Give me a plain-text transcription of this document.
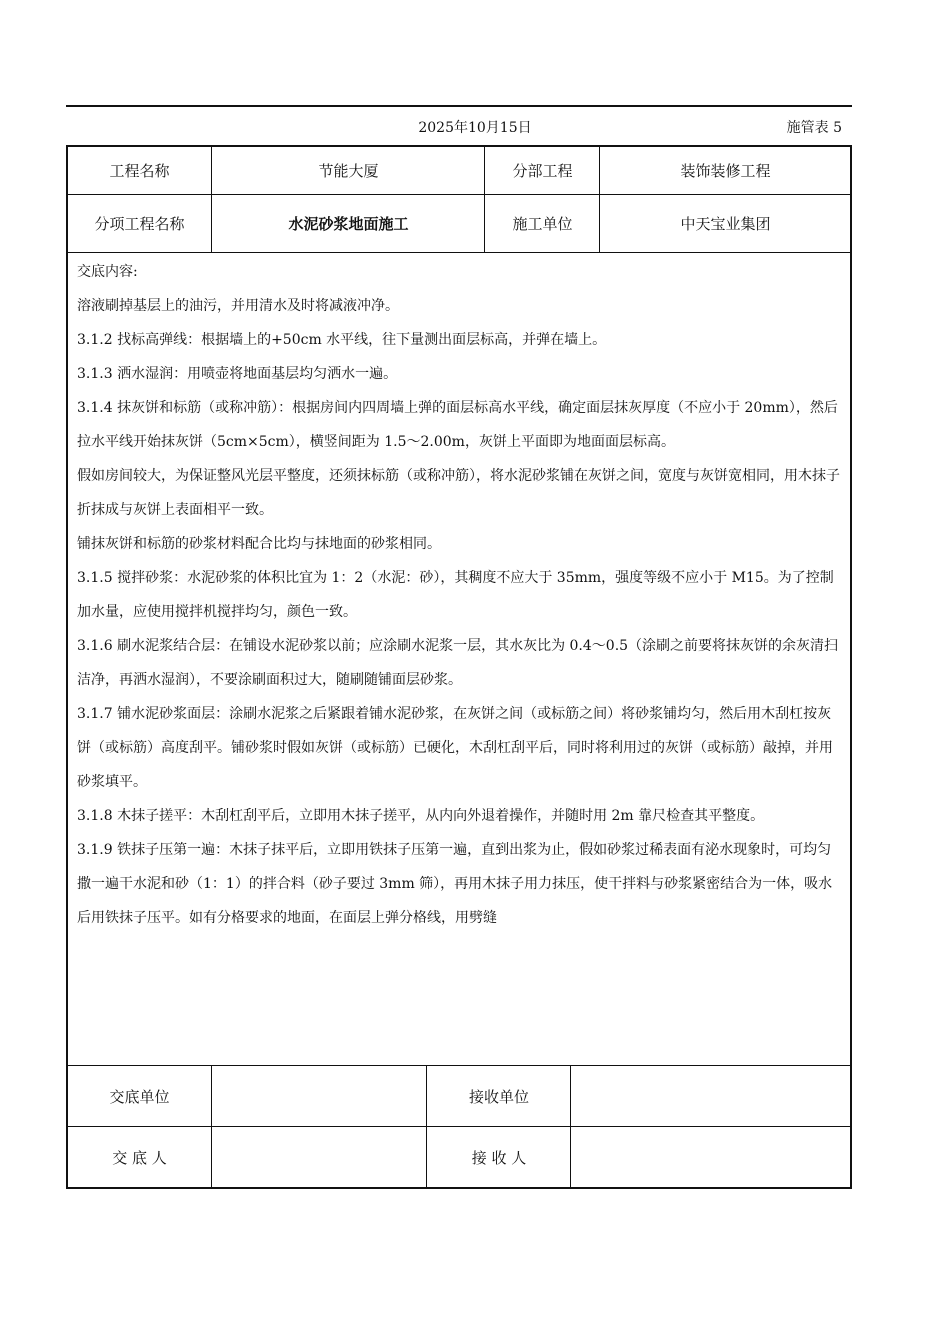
2025年10月15日	施管表 5
工程名称	节能大厦	分部工程	装饰装修工程
分项工程名称	水泥砂浆地面施工	施工单位	中天宝业集团

交底内容:

溶液刷掉基层上的油污，并用清水及时将减液冲净。

3.1.2 找标高弹线：根据墙上的+50cm 水平线，往下量测出面层标高，并弹在墙上。

3.1.3 洒水湿润：用喷壶将地面基层均匀洒水一遍。

3.1.4 抹灰饼和标筋（或称冲筋）：根据房间内四周墙上弹的面层标高水平线，确定面层抹灰厚度（不应小于 20mm），然后拉水平线开始抹灰饼（5cm×5cm），横竖间距为 1.5～2.00m，灰饼上平面即为地面面层标高。

假如房间较大，为保证整风光层平整度，还须抹标筋（或称冲筋），将水泥砂浆铺在灰饼之间，宽度与灰饼宽相同，用木抹子折抹成与灰饼上表面相平一致。

铺抹灰饼和标筋的砂浆材料配合比均与抹地面的砂浆相同。

3.1.5 搅拌砂浆：水泥砂浆的体积比宜为 1：2（水泥：砂），其稠度不应大于 35mm，强度等级不应小于 M15。为了控制加水量，应使用搅拌机搅拌均匀，颜色一致。

3.1.6 刷水泥浆结合层：在铺设水泥砂浆以前；应涂刷水泥浆一层，其水灰比为 0.4～0.5（涂刷之前要将抹灰饼的余灰清扫洁净，再洒水湿润），不要涂刷面积过大，随刷随铺面层砂浆。

3.1.7 铺水泥砂浆面层：涂刷水泥浆之后紧跟着铺水泥砂浆，在灰饼之间（或标筋之间）将砂浆铺均匀，然后用木刮杠按灰饼（或标筋）高度刮平。铺砂浆时假如灰饼（或标筋）已硬化，木刮杠刮平后，同时将利用过的灰饼（或标筋）敲掉，并用砂浆填平。

3.1.8 木抹子搓平：木刮杠刮平后，立即用木抹子搓平，从内向外退着操作，并随时用 2m 靠尺检查其平整度。

3.1.9 铁抹子压第一遍：木抹子抹平后，立即用铁抹子压第一遍，直到出浆为止，假如砂浆过稀表面有泌水现象时，可均匀撒一遍干水泥和砂（1：1）的拌合料（砂子要过 3mm 筛），再用木抹子用力抹压，使干拌料与砂浆紧密结合为一体，吸水后用铁抹子压平。如有分格要求的地面，在面层上弹分格线，用劈缝

交底单位	接收单位
交 底 人	接 收 人
